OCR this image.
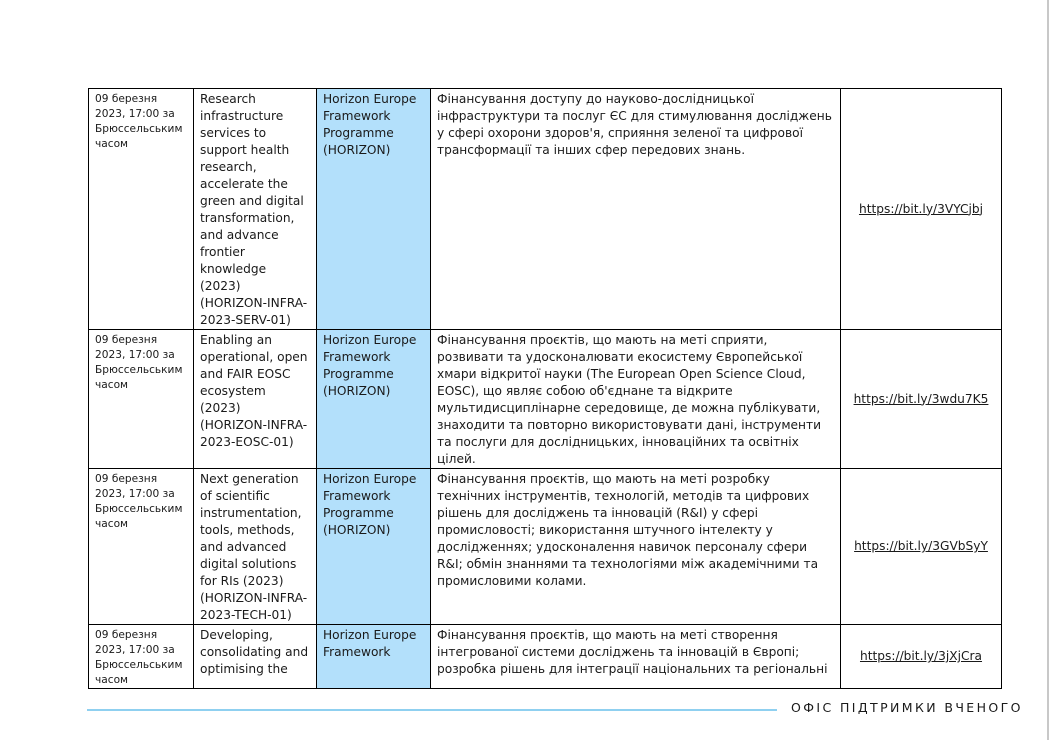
09 березня 2023, 17:00 за Брюссельським часом	Research infrastructure services to support health research, accelerate the green and digital transformation, and advance frontier knowledge (2023) (HORIZON-INFRA-2023-SERV-01)	Horizon Europe Framework Programme (HORIZON)	Фінансування доступу до науково-дослідницької інфраструктури та послуг ЄС для стимулювання досліджень у сфері охорони здоров'я, сприяння зеленої та цифрової трансформації та інших сфер передових знань.	https://bit.ly/3VYCjbj
09 березня 2023, 17:00 за Брюссельським часом	Enabling an operational, open and FAIR EOSC ecosystem (2023) (HORIZON-INFRA-2023-EOSC-01)	Horizon Europe Framework Programme (HORIZON)	Фінансування проєктів, що мають на меті сприяти, розвивати та удосконалювати екосистему Європейської хмари відкритої науки (The European Open Science Cloud, EOSC), що являє собою об'єднане та відкрите мультидисциплінарне середовище, де можна публікувати, знаходити та повторно використовувати дані, інструменти та послуги для дослідницьких, інноваційних та освітніх цілей.	https://bit.ly/3wdu7K5
09 березня 2023, 17:00 за Брюссельським часом	Next generation of scientific instrumentation, tools, methods, and advanced digital solutions for RIs (2023) (HORIZON-INFRA-2023-TECH-01)	Horizon Europe Framework Programme (HORIZON)	Фінансування проєктів, що мають на меті розробку технічних інструментів, технологій, методів та цифрових рішень для досліджень та інновацій (R&I) у сфері промисловості; використання штучного інтелекту у дослідженнях; удосконалення навичок персоналу сфери R&I; обмін знаннями та технологіями між академічними та промисловими колами.	https://bit.ly/3GVbSyY
09 березня 2023, 17:00 за Брюссельським часом	Developing, consolidating and optimising the	Horizon Europe Framework	Фінансування проєктів, що мають на меті створення інтегрованої системи досліджень та інновацій в Європі; розробка рішень для інтеграції національних та регіональні	https://bit.ly/3jXjCra
ОФІС ПІДТРИМКИ ВЧЕНОГО
